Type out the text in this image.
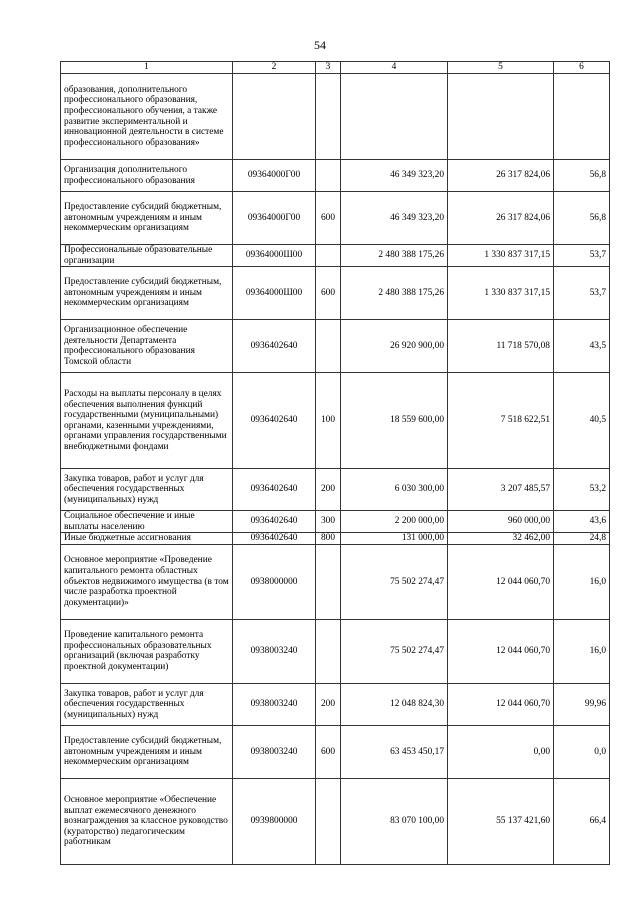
54
1	2	3	4	5	6
образования, дополнительного профессионального образования, профессионального обучения, а также развитие экспериментальной и инновационной деятельности в системе профессионального образования»					
Организация дополнительного профессионального образования	09364000Г00		46 349 323,20	26 317 824,06	56,8
Предоставление субсидий бюджетным, автономным учреждениям и иным некоммерческим организациям	09364000Г00	600	46 349 323,20	26 317 824,06	56,8
Профессиональные образовательные организации	09364000Ш00		2 480 388 175,26	1 330 837 317,15	53,7
Предоставление субсидий бюджетным, автономным учреждениям и иным некоммерческим организациям	09364000Ш00	600	2 480 388 175,26	1 330 837 317,15	53,7
Организационное обеспечение деятельности Департамента профессионального образования Томской области	0936402640		26 920 900,00	11 718 570,08	43,5
Расходы на выплаты персоналу в целях обеспечения выполнения функций государственными (муниципальными) органами, казенными учреждениями, органами управления государственными внебюджетными фондами	0936402640	100	18 559 600,00	7 518 622,51	40,5
Закупка товаров, работ и услуг для обеспечения государственных (муниципальных) нужд	0936402640	200	6 030 300,00	3 207 485,57	53,2
Социальное обеспечение и иные выплаты населению	0936402640	300	2 200 000,00	960 000,00	43,6
Иные бюджетные ассигнования	0936402640	800	131 000,00	32 462,00	24,8
Основное мероприятие «Проведение капитального ремонта областных объектов недвижимого имущества (в том числе разработка проектной документации)»	0938000000		75 502 274,47	12 044 060,70	16,0
Проведение капитального ремонта профессиональных образовательных организаций (включая разработку проектной документации)	0938003240		75 502 274,47	12 044 060,70	16,0
Закупка товаров, работ и услуг для обеспечения государственных (муниципальных) нужд	0938003240	200	12 048 824,30	12 044 060,70	99,96
Предоставление субсидий бюджетным, автономным учреждениям и иным некоммерческим организациям	0938003240	600	63 453 450,17	0,00	0,0
Основное мероприятие «Обеспечение выплат ежемесячного денежного вознаграждения за классное руководство (кураторство) педагогическим работникам	0939800000		83 070 100,00	55 137 421,60	66,4
